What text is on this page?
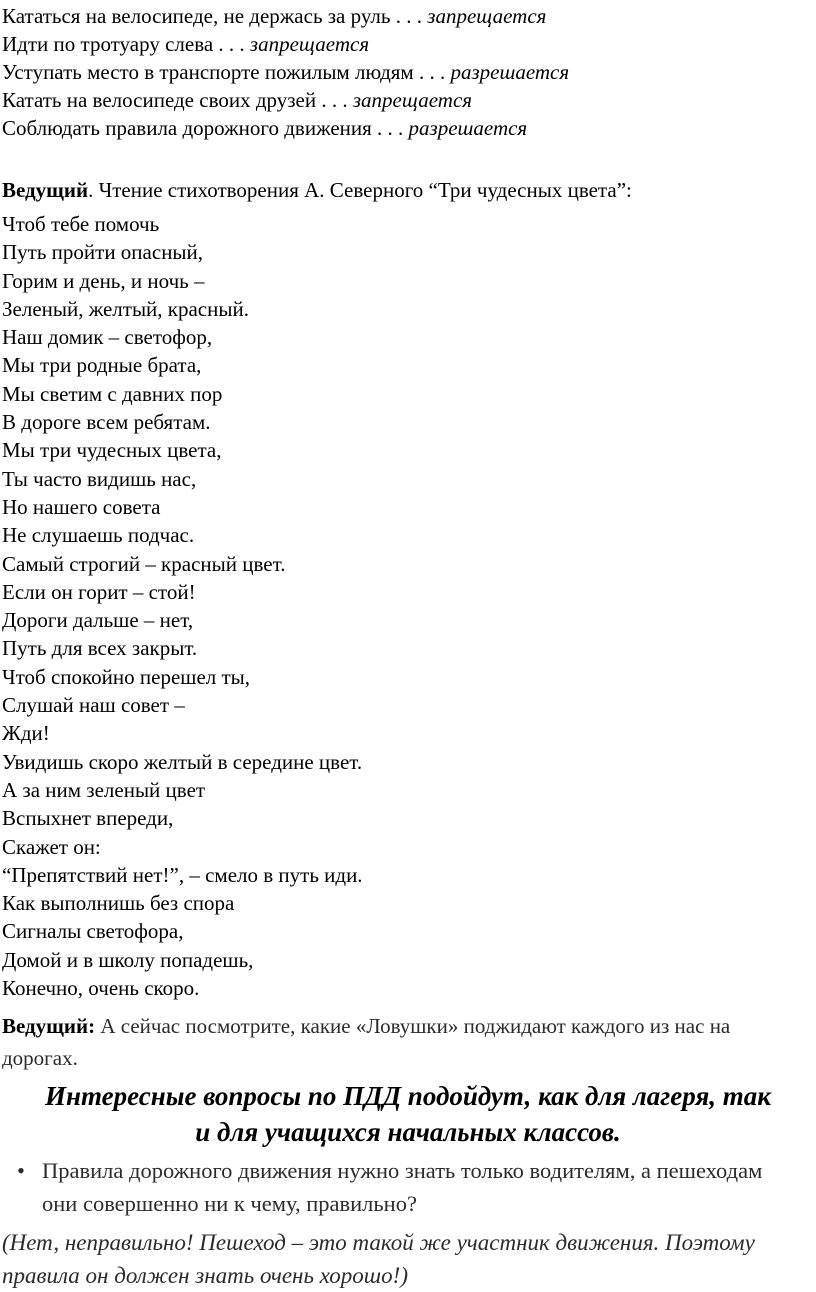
Кататься на велосипеде, не держась за руль . . . запрещается
Идти по тротуару слева . . . запрещается
Уступать место в транспорте пожилым людям . . . разрешается
Катать на велосипеде своих друзей . . . запрещается
Соблюдать правила дорожного движения . . . разрешается
Ведущий. Чтение стихотворения А. Северного “Три чудесных цвета”:
Чтоб тебе помочь
Путь пройти опасный,
Горим и день, и ночь –
Зеленый, желтый, красный.
Наш домик – светофор,
Мы три родные брата,
Мы светим с давних пор
В дороге всем ребятам.
Мы три чудесных цвета,
Ты часто видишь нас,
Но нашего совета
Не слушаешь подчас.
Самый строгий – красный цвет.
Если он горит – стой!
Дороги дальше – нет,
Путь для всех закрыт.
Чтоб спокойно перешел ты,
Слушай наш совет –
Жди!
Увидишь скоро желтый в середине цвет.
А за ним зеленый цвет
Вспыхнет впереди,
Скажет он:
“Препятствий нет!”, – смело в путь иди.
Как выполнишь без спора
Сигналы светофора,
Домой и в школу попадешь,
Конечно, очень скоро.
Ведущий: А сейчас посмотрите, какие «Ловушки» поджидают каждого из нас на дорогах.
Интересные вопросы по ПДД подойдут, как для лагеря, так
и для учащихся начальных классов.
• Правила дорожного движения нужно знать только водителям, а пешеходам они совершенно ни к чему, правильно?
(Нет, неправильно! Пешеход – это такой же участник движения. Поэтому правила он должен знать очень хорошо!)
